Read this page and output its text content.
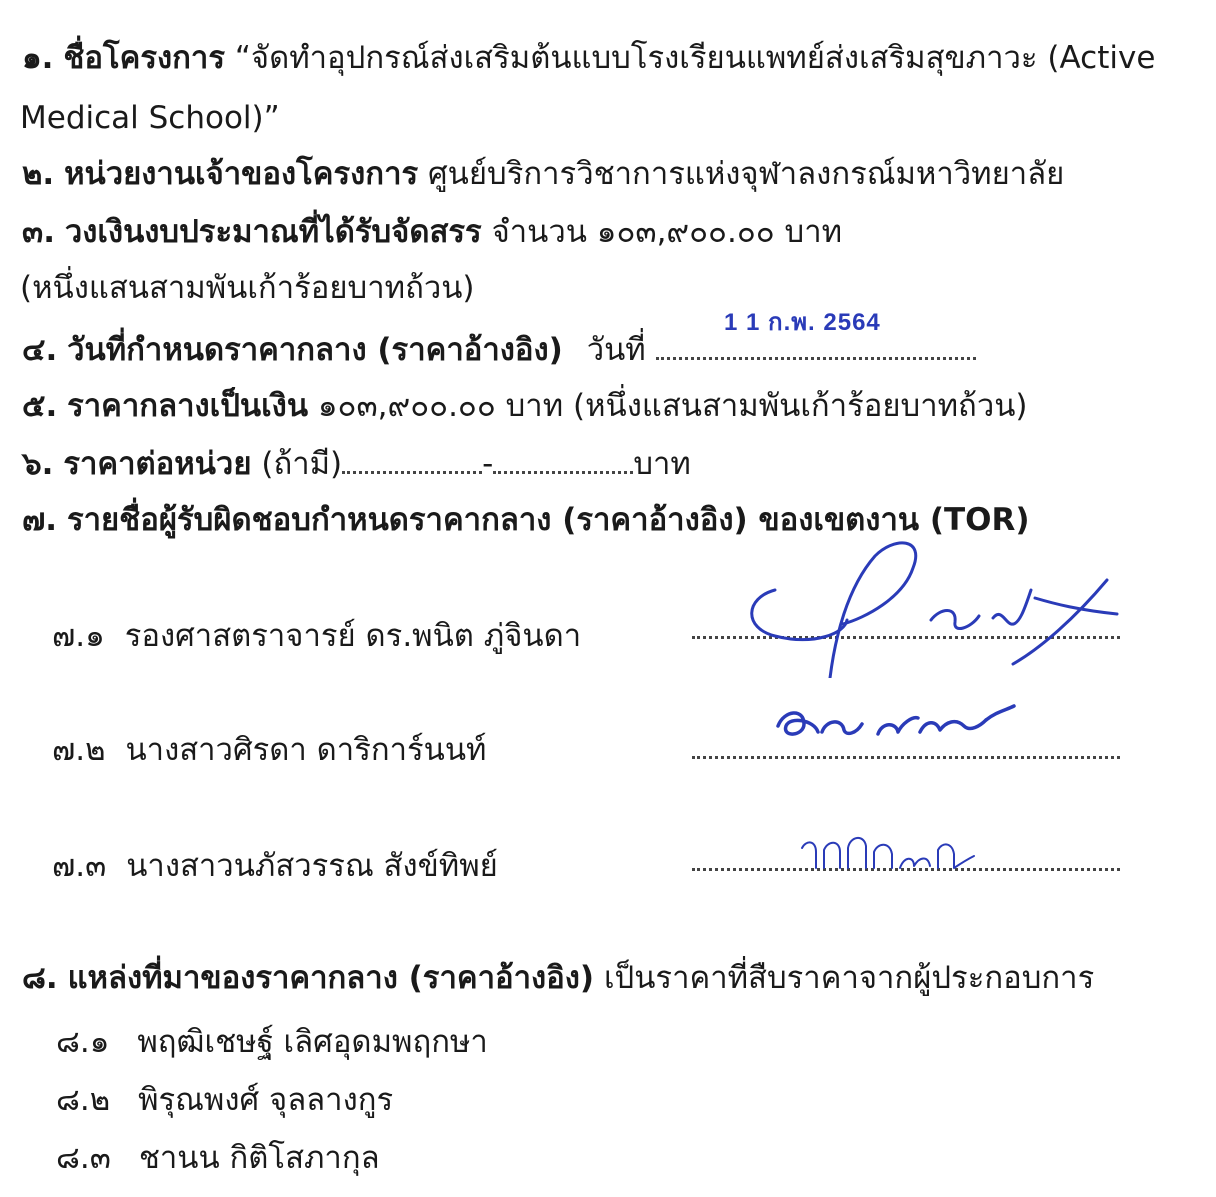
๑. ชื่อโครงการ “จัดทำอุปกรณ์ส่งเสริมต้นแบบโรงเรียนแพทย์ส่งเสริมสุขภาวะ (Active
Medical School)”
๒. หน่วยงานเจ้าของโครงการ ศูนย์บริการวิชาการแห่งจุฬาลงกรณ์มหาวิทยาลัย
๓. วงเงินงบประมาณที่ได้รับจัดสรร จำนวน ๑๐๓,๙๐๐.๐๐ บาท
(หนึ่งแสนสามพันเก้าร้อยบาทถ้วน)
1 1 ก.พ. 2564
๔. วันที่กำหนดราคากลาง (ราคาอ้างอิง) วันที่
๕. ราคากลางเป็นเงิน ๑๐๓,๙๐๐.๐๐ บาท (หนึ่งแสนสามพันเก้าร้อยบาทถ้วน)
๖. ราคาต่อหน่วย (ถ้ามี)	-	บาท
๗. รายชื่อผู้รับผิดชอบกำหนดราคากลาง (ราคาอ้างอิง) ของเขตงาน (TOR)
๗.๑ รองศาสตราจารย์ ดร.พนิต ภู่จินดา
๗.๒ นางสาวศิรดา ดาริการ์นนท์
๗.๓ นางสาวนภัสวรรณ สังข์ทิพย์
๘. แหล่งที่มาของราคากลาง (ราคาอ้างอิง) เป็นราคาที่สืบราคาจากผู้ประกอบการ
๘.๑ พฤฒิเชษฐ์ เลิศอุดมพฤกษา
๘.๒ พิรุณพงศ์ จุลลางกูร
๘.๓ ชานน กิติโสภากุล
